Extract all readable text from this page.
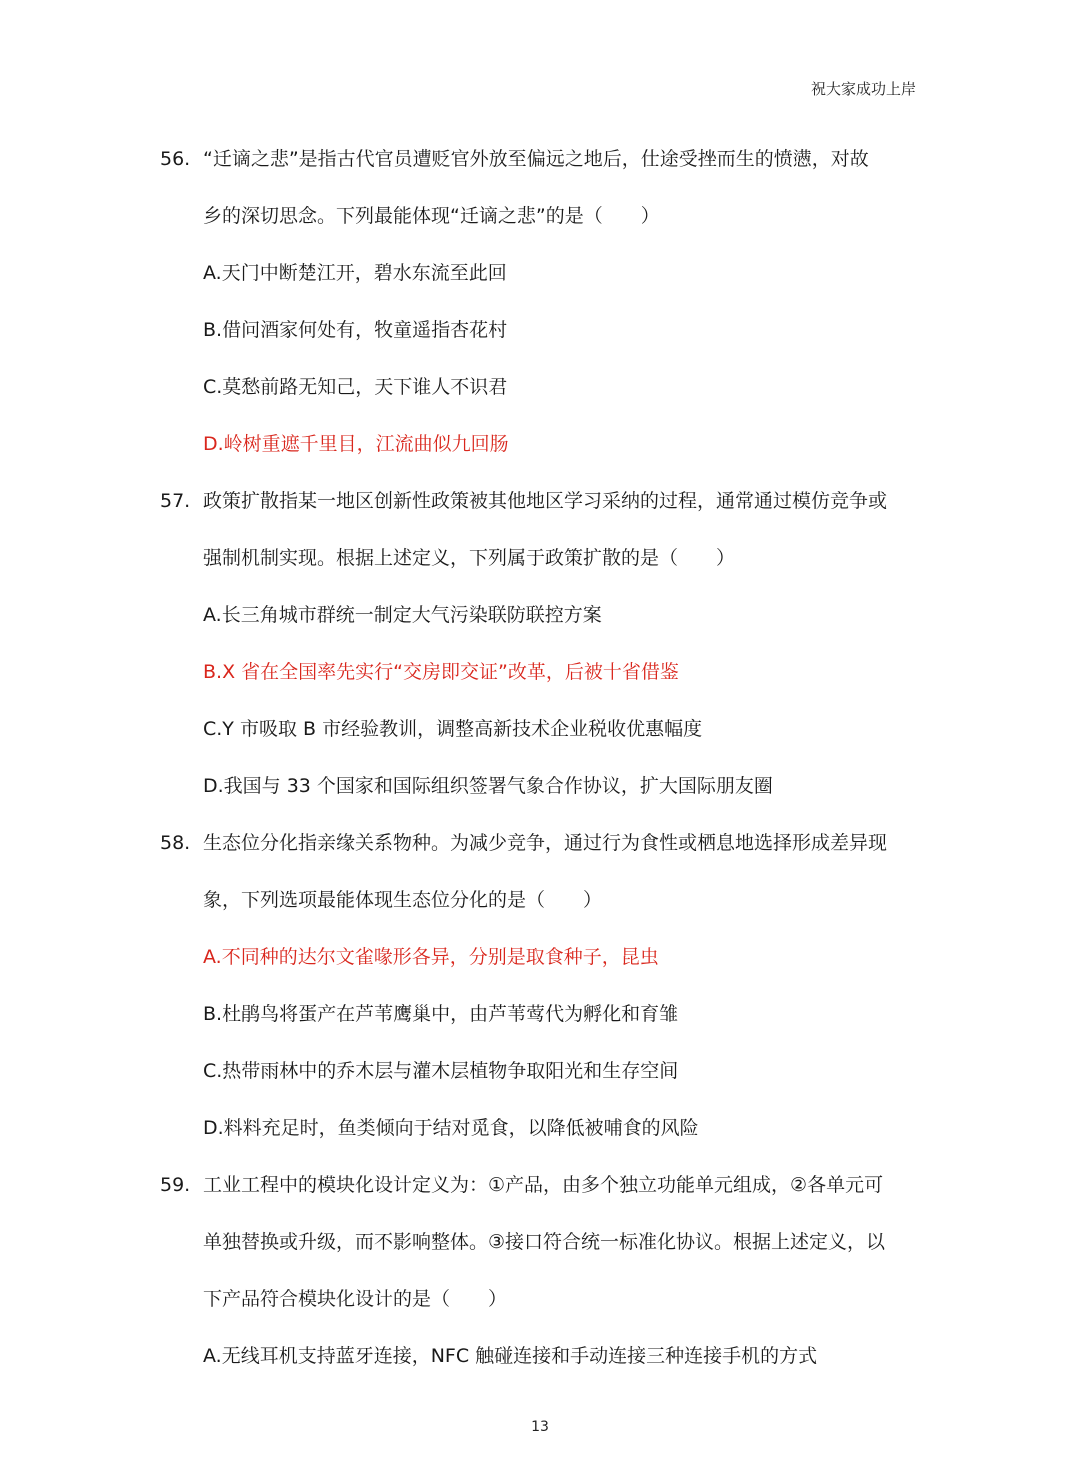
祝大家成功上岸
56. “迁谪之悲”是指古代官员遭贬官外放至偏远之地后，仕途受挫而生的愤懑，对故
乡的深切思念。下列最能体现“迁谪之悲”的是（　　）
A.天门中断楚江开，碧水东流至此回
B.借问酒家何处有，牧童遥指杏花村
C.莫愁前路无知己，天下谁人不识君
D.岭树重遮千里目，江流曲似九回肠
57. 政策扩散指某一地区创新性政策被其他地区学习采纳的过程，通常通过模仿竞争或
强制机制实现。根据上述定义，下列属于政策扩散的是（　　）
A.长三角城市群统一制定大气污染联防联控方案
B.X 省在全国率先实行“交房即交证”改革，后被十省借鉴
C.Y 市吸取 B 市经验教训，调整高新技术企业税收优惠幅度
D.我国与 33 个国家和国际组织签署气象合作协议，扩大国际朋友圈
58. 生态位分化指亲缘关系物种。为减少竞争，通过行为食性或栖息地选择形成差异现
象，下列选项最能体现生态位分化的是（　　）
A.不同种的达尔文雀喙形各异，分别是取食种子，昆虫
B.杜鹃鸟将蛋产在芦苇鹰巢中，由芦苇莺代为孵化和育雏
C.热带雨林中的乔木层与灌木层植物争取阳光和生存空间
D.料料充足时，鱼类倾向于结对觅食，以降低被哺食的风险
59. 工业工程中的模块化设计定义为：①产品，由多个独立功能单元组成，②各单元可
单独替换或升级，而不影响整体。③接口符合统一标准化协议。根据上述定义，以
下产品符合模块化设计的是（　　）
A.无线耳机支持蓝牙连接，NFC 触碰连接和手动连接三种连接手机的方式
13
